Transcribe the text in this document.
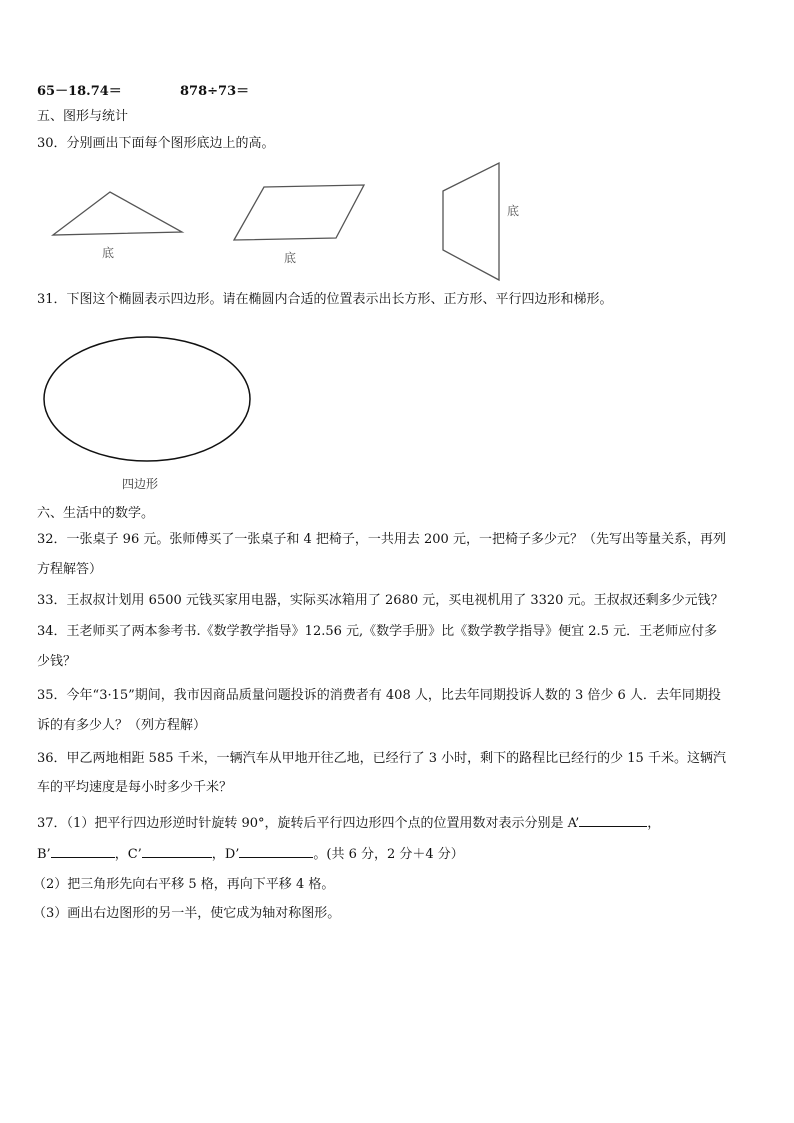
65－18.74＝	878÷73＝
五、图形与统计
30．分别画出下面每个图形底边上的高。
底	底
底
31．下图这个椭圆表示四边形。请在椭圆内合适的位置表示出长方形、正方形、平行四边形和梯形。
四边形
六、生活中的数学。
32．一张桌子 96 元。张师傅买了一张桌子和 4 把椅子，一共用去 200 元，一把椅子多少元？（先写出等量关系，再列
方程解答）
33．王叔叔计划用 6500 元钱买家用电器，实际买冰箱用了 2680 元，买电视机用了 3320 元。王叔叔还剩多少元钱？
34．王老师买了两本参考书.《数学教学指导》12.56 元,《数学手册》比《数学教学指导》便宜 2.5 元．王老师应付多
少钱？
35．今年“3·15”期间，我市因商品质量问题投诉的消费者有 408 人，比去年同期投诉人数的 3 倍少 6 人．去年同期投
诉的有多少人？（列方程解）
36．甲乙两地相距 585 千米，一辆汽车从甲地开往乙地，已经行了 3 小时，剩下的路程比已经行的少 15 千米。这辆汽
车的平均速度是每小时多少千米？
37．（1）把平行四边形逆时针旋转 90°，旋转后平行四边形四个点的位置用数对表示分别是 A’	，
B’	，C’	，D’	。(共 6 分，2 分＋4 分）
（2）把三角形先向右平移 5 格，再向下平移 4 格。
（3）画出右边图形的另一半，使它成为轴对称图形。
